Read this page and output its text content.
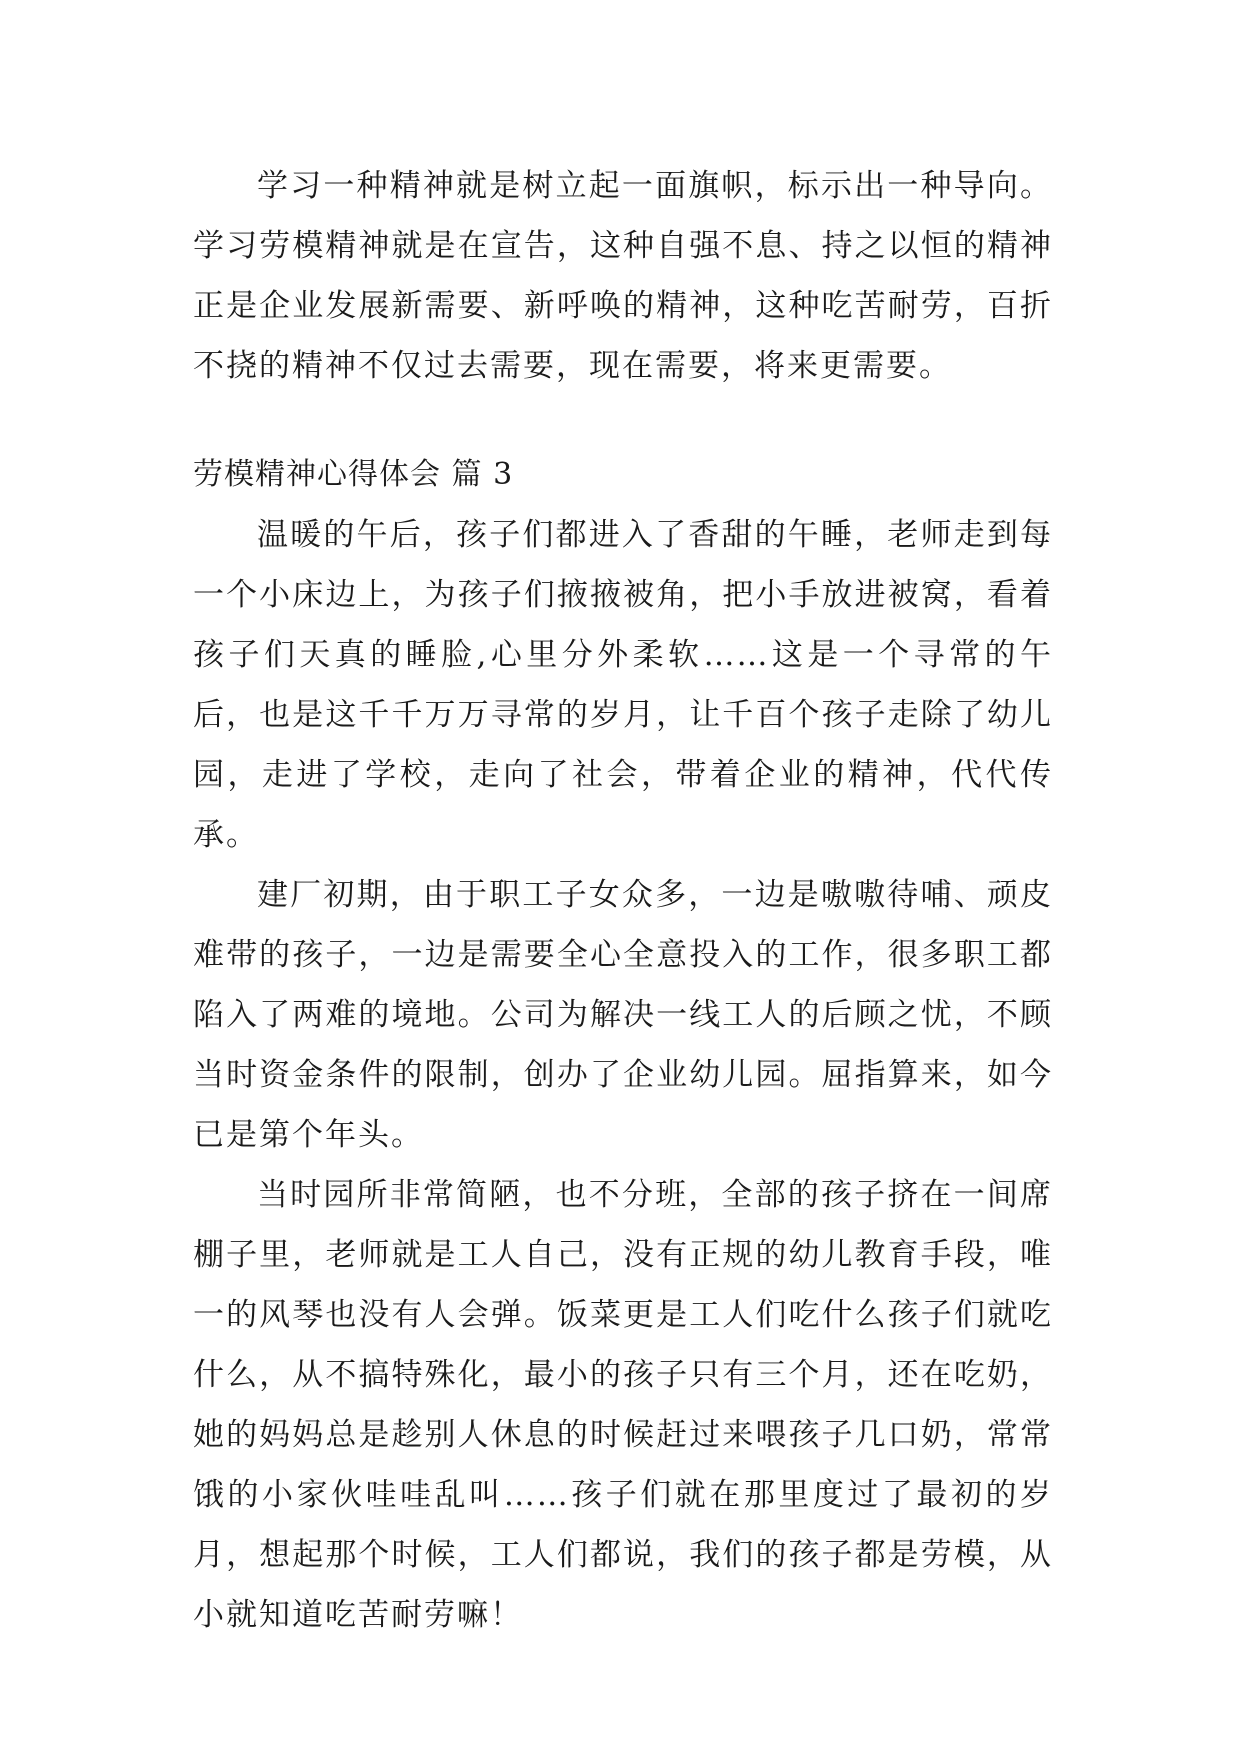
学习一种精神就是树立起一面旗帜，标示出一种导向。学习劳模精神就是在宣告，这种自强不息、持之以恒的精神正是企业发展新需要、新呼唤的精神，这种吃苦耐劳，百折不挠的精神不仅过去需要，现在需要，将来更需要。

劳模精神心得体会 篇 3

温暖的午后，孩子们都进入了香甜的午睡，老师走到每一个小床边上，为孩子们掖掖被角，把小手放进被窝，看着孩子们天真的睡脸,心里分外柔软……这是一个寻常的午后，也是这千千万万寻常的岁月，让千百个孩子走除了幼儿园，走进了学校，走向了社会，带着企业的精神，代代传承。

建厂初期，由于职工子女众多，一边是嗷嗷待哺、顽皮难带的孩子，一边是需要全心全意投入的工作，很多职工都陷入了两难的境地。公司为解决一线工人的后顾之忧，不顾当时资金条件的限制，创办了企业幼儿园。屈指算来，如今已是第个年头。

当时园所非常简陋，也不分班，全部的孩子挤在一间席棚子里，老师就是工人自己，没有正规的幼儿教育手段，唯一的风琴也没有人会弹。饭菜更是工人们吃什么孩子们就吃什么，从不搞特殊化，最小的孩子只有三个月，还在吃奶，她的妈妈总是趁别人休息的时候赶过来喂孩子几口奶，常常饿的小家伙哇哇乱叫……孩子们就在那里度过了最初的岁月，想起那个时候，工人们都说，我们的孩子都是劳模，从小就知道吃苦耐劳嘛！
